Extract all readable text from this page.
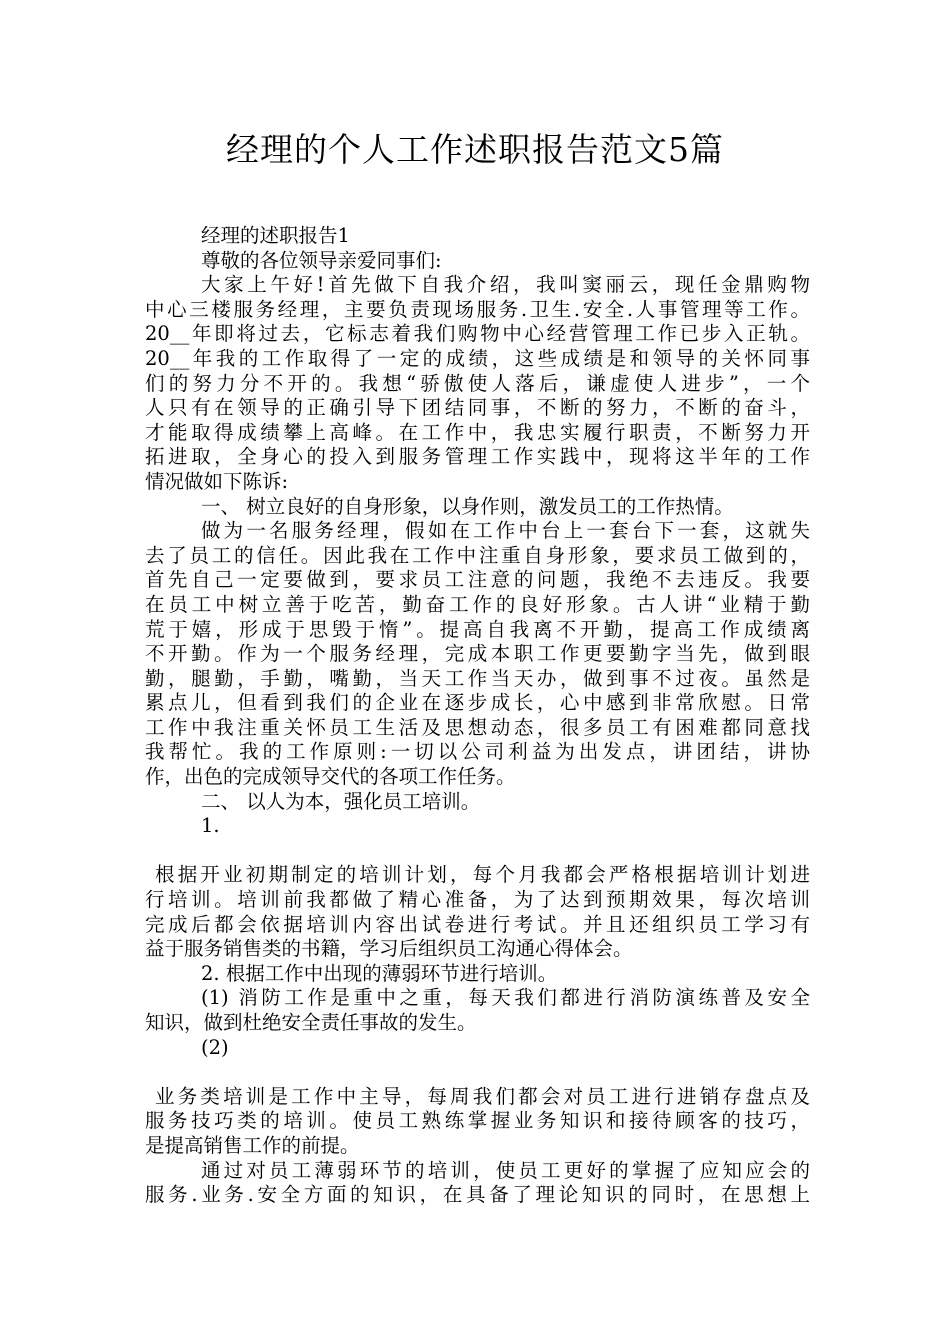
经理的个人工作述职报告范文5篇
经理的述职报告1
尊敬的各位领导亲爱同事们:
大家上午好!首先做下自我介绍，我叫窦丽云，现任金鼎购物
中心三楼服务经理，主要负责现场服务.卫生.安全.人事管理等工作。
20__年即将过去，它标志着我们购物中心经营管理工作已步入正轨。
20__年我的工作取得了一定的成绩，这些成绩是和领导的关怀同事
们的努力分不开的。我想“骄傲使人落后，谦虚使人进步”，一个
人只有在领导的正确引导下团结同事，不断的努力，不断的奋斗，
才能取得成绩攀上高峰。在工作中，我忠实履行职责，不断努力开
拓进取，全身心的投入到服务管理工作实践中，现将这半年的工作
情况做如下陈诉:
一、 树立良好的自身形象，以身作则，激发员工的工作热情。
做为一名服务经理，假如在工作中台上一套台下一套，这就失
去了员工的信任。因此我在工作中注重自身形象，要求员工做到的，
首先自己一定要做到，要求员工注意的问题，我绝不去违反。我要
在员工中树立善于吃苦，勤奋工作的良好形象。古人讲“业精于勤
荒于嬉，形成于思毁于惰”。提高自我离不开勤，提高工作成绩离
不开勤。作为一个服务经理，完成本职工作更要勤字当先，做到眼
勤，腿勤，手勤，嘴勤，当天工作当天办，做到事不过夜。虽然是
累点儿，但看到我们的企业在逐步成长，心中感到非常欣慰。日常
工作中我注重关怀员工生活及思想动态，很多员工有困难都同意找
我帮忙。我的工作原则:一切以公司利益为出发点，讲团结，讲协
作，出色的完成领导交代的各项工作任务。
二、 以人为本，强化员工培训。
1.
根据开业初期制定的培训计划，每个月我都会严格根据培训计划进
行培训。培训前我都做了精心准备，为了达到预期效果，每次培训
完成后都会依据培训内容出试卷进行考试。并且还组织员工学习有
益于服务销售类的书籍，学习后组织员工沟通心得体会。
2. 根据工作中出现的薄弱环节进行培训。
(1) 消防工作是重中之重，每天我们都进行消防演练普及安全
知识，做到杜绝安全责任事故的发生。
(2)
业务类培训是工作中主导，每周我们都会对员工进行进销存盘点及
服务技巧类的培训。使员工熟练掌握业务知识和接待顾客的技巧，
是提高销售工作的前提。
通过对员工薄弱环节的培训，使员工更好的掌握了应知应会的
服务.业务.安全方面的知识，在具备了理论知识的同时，在思想上
